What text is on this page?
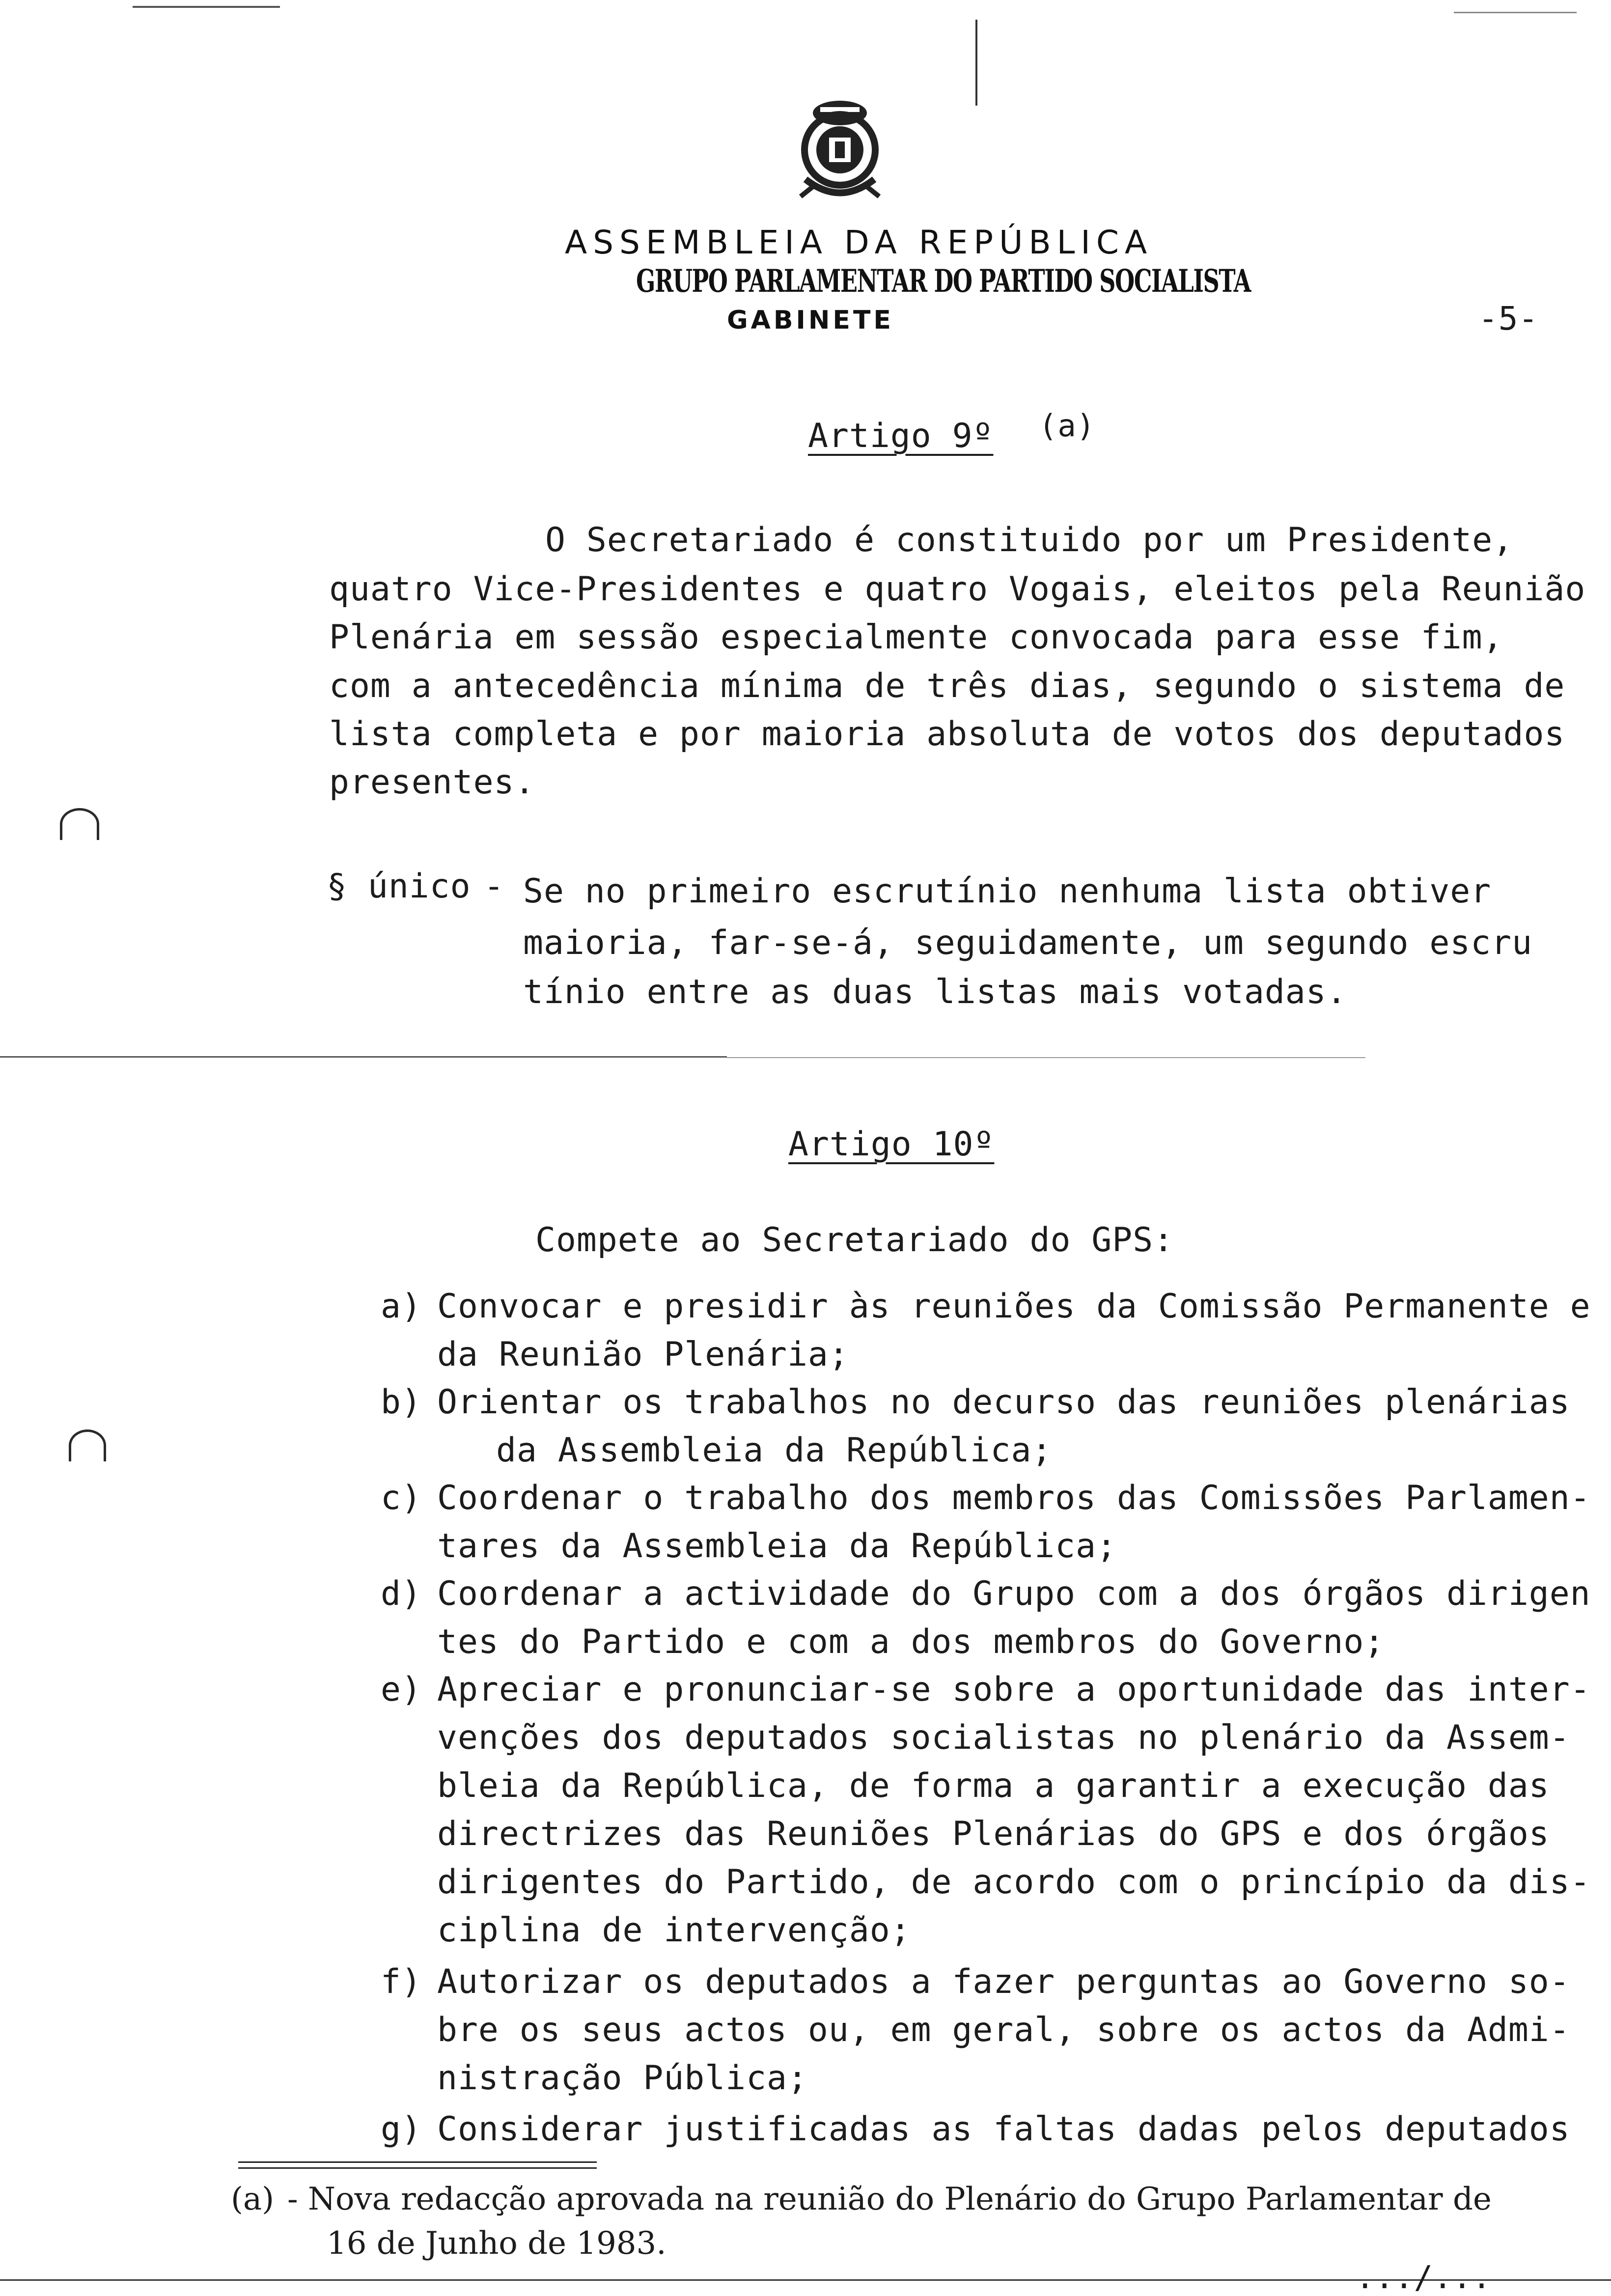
ASSEMBLEIA DA REPÚBLICA
GRUPO PARLAMENTAR DO PARTIDO SOCIALISTA
GABINETE	-5-
Artigo 9º (a)
O Secretariado é constituido por um Presidente,
quatro Vice-Presidentes e quatro Vogais, eleitos pela Reunião
Plenária em sessão especialmente convocada para esse fim,
com a antecedência mínima de três dias, segundo o sistema de
lista completa e por maioria absoluta de votos dos deputados
presentes.
§ único - Se no primeiro escrutínio nenhuma lista obtiver
maioria, far-se-á, seguidamente, um segundo escru
tínio entre as duas listas mais votadas.
Artigo 10º
Compete ao Secretariado do GPS:
a) Convocar e presidir às reuniões da Comissão Permanente e
da Reunião Plenária;
b) Orientar os trabalhos no decurso das reuniões plenárias
da Assembleia da República;
c) Coordenar o trabalho dos membros das Comissões Parlamen-
tares da Assembleia da República;
d) Coordenar a actividade do Grupo com a dos órgãos dirigen
tes do Partido e com a dos membros do Governo;
e) Apreciar e pronunciar-se sobre a oportunidade das inter-
venções dos deputados socialistas no plenário da Assem-
bleia da República, de forma a garantir a execução das
directrizes das Reuniões Plenárias do GPS e dos órgãos
dirigentes do Partido, de acordo com o princípio da dis-
ciplina de intervenção;
f) Autorizar os deputados a fazer perguntas ao Governo so-
bre os seus actos ou, em geral, sobre os actos da Admi-
nistração Pública;
g) Considerar justificadas as faltas dadas pelos deputados
(a) - Nova redacção aprovada na reunião do Plenário do Grupo Parlamentar de
16 de Junho de 1983.
.../...
